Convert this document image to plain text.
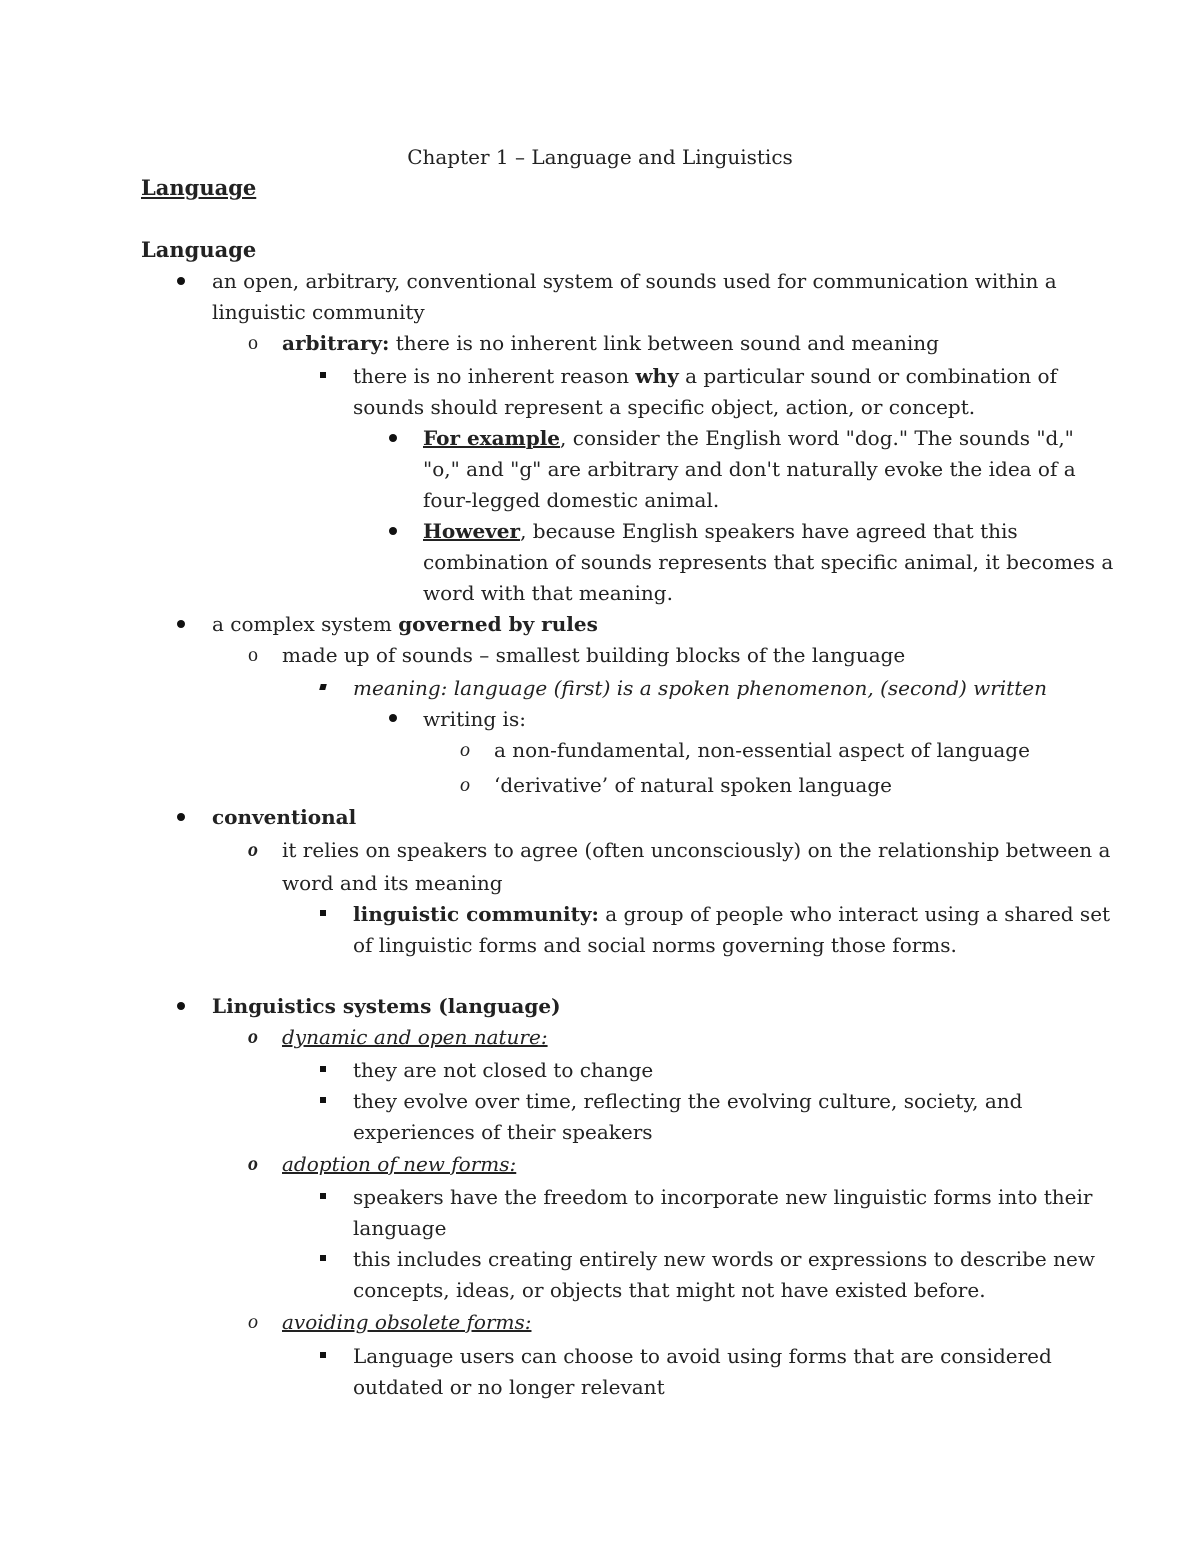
Chapter 1 – Language and Linguistics
Language
Language
an open, arbitrary, conventional system of sounds used for communication within a
linguistic community
o arbitrary: there is no inherent link between sound and meaning
there is no inherent reason why a particular sound or combination of
sounds should represent a specific object, action, or concept.
For example, consider the English word "dog." The sounds "d,"
"o," and "g" are arbitrary and don't naturally evoke the idea of a
four-legged domestic animal.
However, because English speakers have agreed that this
combination of sounds represents that specific animal, it becomes a
word with that meaning.
a complex system governed by rules
o made up of sounds – smallest building blocks of the language
meaning: language (first) is a spoken phenomenon, (second) written
writing is:
o a non-fundamental, non-essential aspect of language
o ‘derivative’ of natural spoken language
conventional
o it relies on speakers to agree (often unconsciously) on the relationship between a
word and its meaning
linguistic community: a group of people who interact using a shared set
of linguistic forms and social norms governing those forms.
Linguistics systems (language)
o dynamic and open nature:
they are not closed to change
they evolve over time, reflecting the evolving culture, society, and
experiences of their speakers
o adoption of new forms:
speakers have the freedom to incorporate new linguistic forms into their
language
this includes creating entirely new words or expressions to describe new
concepts, ideas, or objects that might not have existed before.
o avoiding obsolete forms:
Language users can choose to avoid using forms that are considered
outdated or no longer relevant
